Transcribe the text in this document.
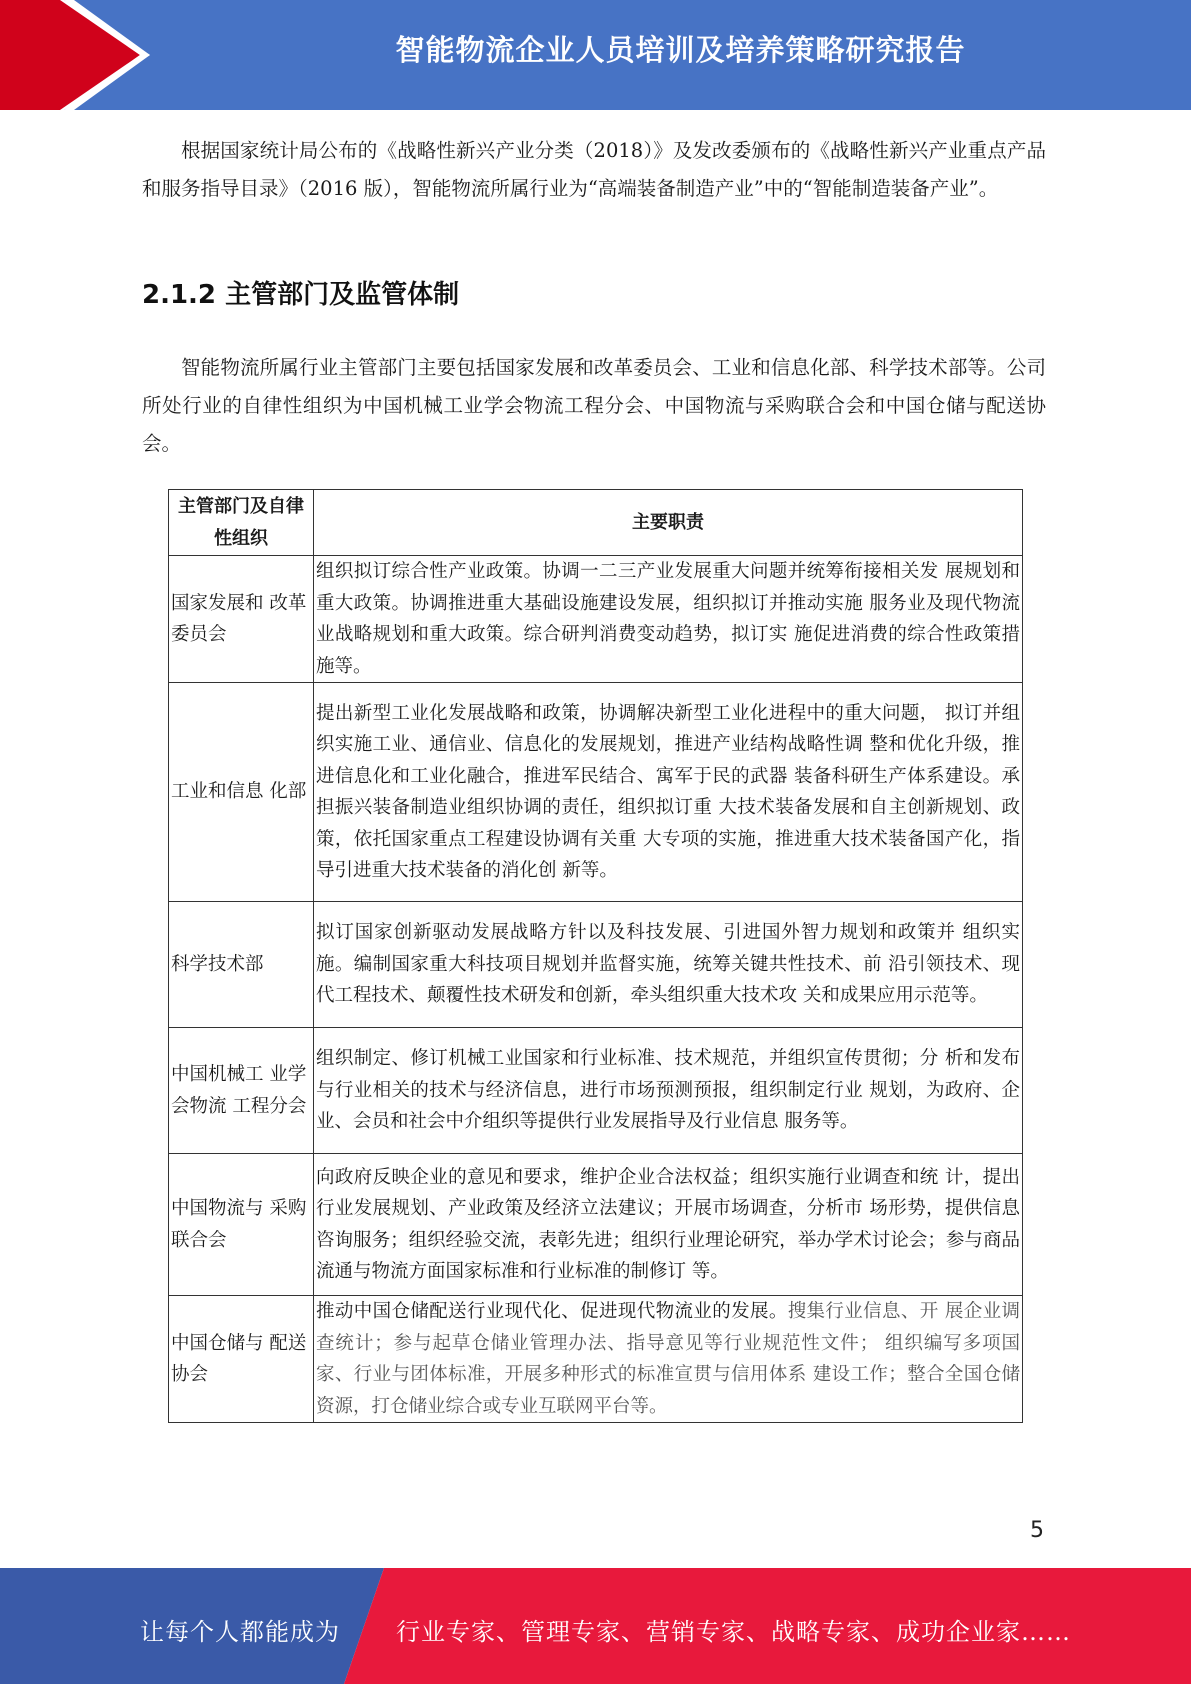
智能物流企业人员培训及培养策略研究报告

根据国家统计局公布的《战略性新兴产业分类（2018）》及发改委颁布的《战略性新兴产业重点产品和服务指导目录》（2016 版），智能物流所属行业为“高端装备制造产业”中的“智能制造装备产业”。

2.1.2 主管部门及监管体制

智能物流所属行业主管部门主要包括国家发展和改革委员会、工业和信息化部、科学技术部等。公司所处行业的自律性组织为中国机械工业学会物流工程分会、中国物流与采购联合会和中国仓储与配送协会。

主管部门及自律性组织	主要职责
国家发展和 改革委员会	组织拟订综合性产业政策。协调一二三产业发展重大问题并统筹衔接相关发 展规划和重大政策。协调推进重大基础设施建设发展，组织拟订并推动实施 服务业及现代物流业战略规划和重大政策。综合研判消费变动趋势，拟订实 施促进消费的综合性政策措施等。
工业和信息 化部	提出新型工业化发展战略和政策，协调解决新型工业化进程中的重大问题， 拟订并组织实施工业、通信业、信息化的发展规划，推进产业结构战略性调 整和优化升级，推进信息化和工业化融合，推进军民结合、寓军于民的武器 装备科研生产体系建设。承担振兴装备制造业组织协调的责任，组织拟订重 大技术装备发展和自主创新规划、政策，依托国家重点工程建设协调有关重 大专项的实施，推进重大技术装备国产化，指导引进重大技术装备的消化创 新等。
科学技术部	拟订国家创新驱动发展战略方针以及科技发展、引进国外智力规划和政策并 组织实施。编制国家重大科技项目规划并监督实施，统筹关键共性技术、前 沿引领技术、现代工程技术、颠覆性技术研发和创新，牵头组织重大技术攻 关和成果应用示范等。
中国机械工 业学会物流 工程分会	组织制定、修订机械工业国家和行业标准、技术规范，并组织宣传贯彻；分 析和发布与行业相关的技术与经济信息，进行市场预测预报，组织制定行业 规划，为政府、企业、会员和社会中介组织等提供行业发展指导及行业信息 服务等。
中国物流与 采购联合会	向政府反映企业的意见和要求，维护企业合法权益；组织实施行业调查和统 计，提出行业发展规划、产业政策及经济立法建议；开展市场调查，分析市 场形势，提供信息咨询服务；组织经验交流，表彰先进；组织行业理论研究，举办学术讨论会；参与商品流通与物流方面国家标准和行业标准的制修订 等。
中国仓储与 配送协会	推动中国仓储配送行业现代化、促进现代物流业的发展。搜集行业信息、开 展企业调查统计；参与起草仓储业管理办法、指导意见等行业规范性文件； 组织编写多项国家、行业与团体标准，开展多种形式的标准宣贯与信用体系 建设工作；整合全国仓储资源，打仓储业综合或专业互联网平台等。
5
让每个人都能成为 行业专家、管理专家、营销专家、战略专家、成功企业家……
